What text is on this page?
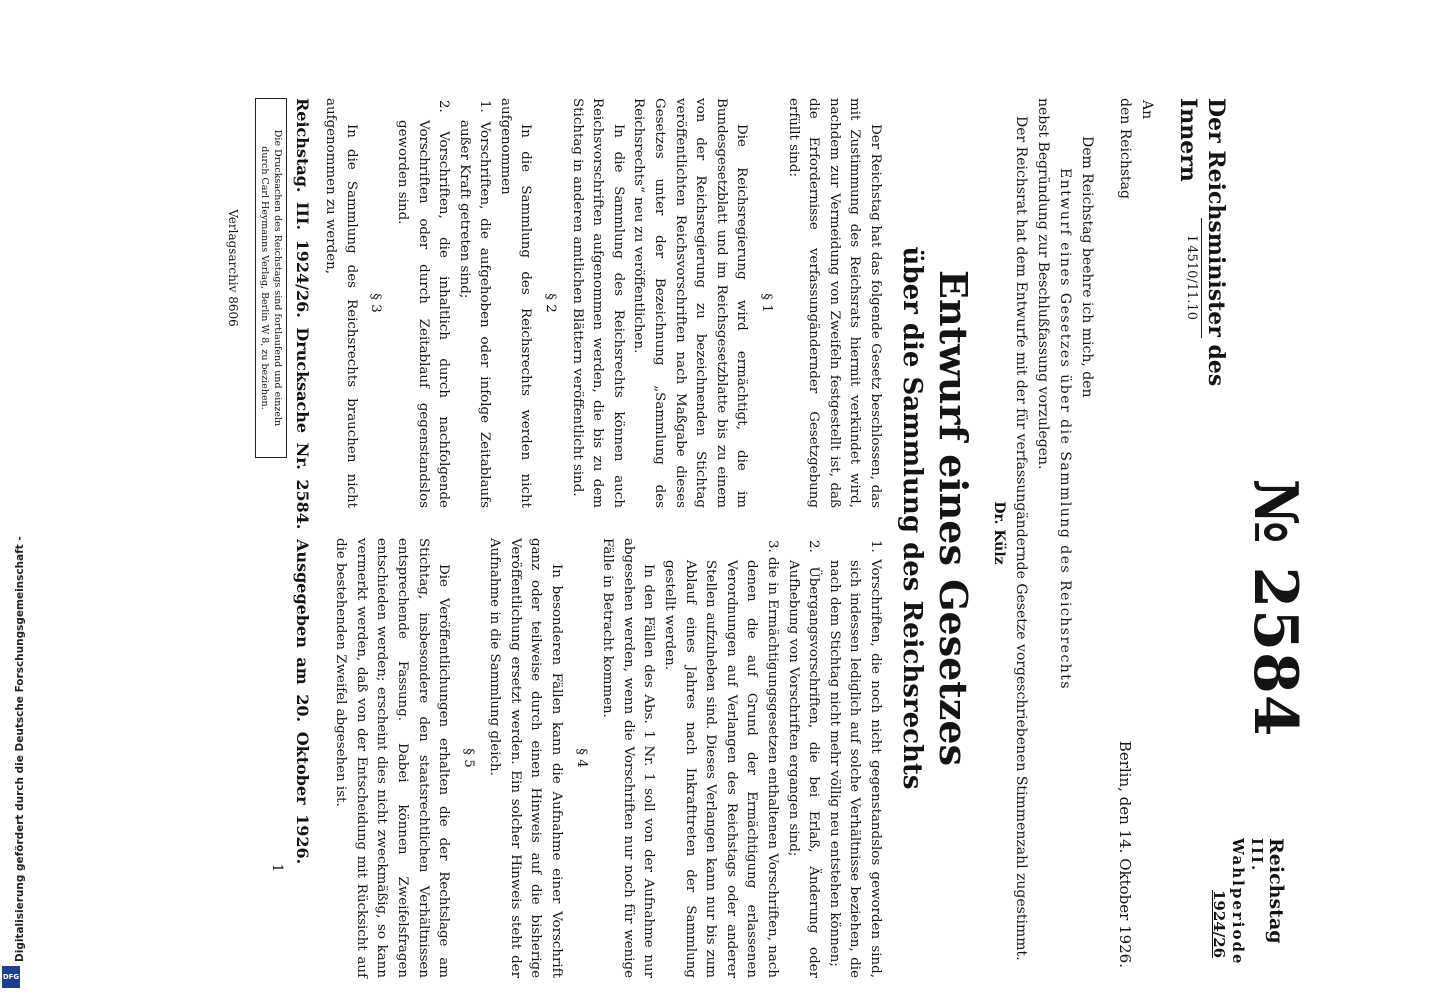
Digitalisierung gefördert durch die Deutsche Forschungsgemeinschaft -
DFG
№ 2584
Reichstag
III. Wahlperiode
1924/26
Der Reichsminister des Innern
I 4510/11.10
An
den Reichstag
Berlin, den 14. Oktober 1926.
Dem Reichstag beehre ich mich, den
Entwurf eines Gesetzes über die Sammlung des Reichsrechts
nebst Begründung zur Beschlußfassung vorzulegen.
Der Reichsrat hat dem Entwurfe mit der für verfassungändernde Gesetze vorgeschriebenen Stimmenzahl zugestimmt.
Dr. Külz
Entwurf eines Gesetzes
über die Sammlung des Reichsrechts

Der Reichstag hat das folgende Gesetz beschlossen, das mit Zustimmung des Reichsrats hiermit verkündet wird, nachdem zur Vermeidung von Zweifeln festgestellt ist, daß die Erfordernisse verfassungändernder Gesetzgebung erfüllt sind:

§ 1

Die Reichsregierung wird ermächtigt, die im Bundesgesetzblatt und im Reichsgesetzblatte bis zu einem von der Reichsregierung zu bezeichnenden Stichtag veröffentlichten Reichsvorschriften nach Maßgabe dieses Gesetzes unter der Bezeichnung „Sammlung des Reichsrechts“ neu zu veröffentlichen.

In die Sammlung des Reichsrechts können auch Reichsvorschriften aufgenommen werden, die bis zu dem Stichtag in anderen amtlichen Blättern veröffentlicht sind.

§ 2

In die Sammlung des Reichsrechts werden nicht aufgenommen

1. Vorschriften, die aufgehoben oder infolge Zeitablaufs außer Kraft getreten sind;

2. Vorschriften, die inhaltlich durch nachfolgende Vorschriften oder durch Zeitablauf gegenstandslos geworden sind.

§ 3

In die Sammlung des Reichsrechts brauchen nicht aufgenommen zu werden,

1. Vorschriften, die noch nicht gegenstandslos geworden sind, sich indessen lediglich auf solche Verhältnisse beziehen, die nach dem Stichtag nicht mehr völlig neu entstehen können;

2. Übergangsvorschriften, die bei Erlaß, Änderung oder Aufhebung von Vorschriften ergangen sind;

3. die in Ermächtigungsgesetzen enthaltenen Vorschriften, nach denen die auf Grund der Ermächtigung erlassenen Verordnungen auf Verlangen des Reichstags oder anderer Stellen aufzuheben sind. Dieses Verlangen kann nur bis zum Ablauf eines Jahres nach Inkrafttreten der Sammlung gestellt werden.

In den Fällen des Abs. 1 Nr. 1 soll von der Aufnahme nur abgesehen werden, wenn die Vorschriften nur noch für wenige Fälle in Betracht kommen.

§ 4

In besonderen Fällen kann die Aufnahme einer Vorschrift ganz oder teilweise durch einen Hinweis auf die bisherige Veröffentlichung ersetzt werden. Ein solcher Hinweis steht der Aufnahme in die Sammlung gleich.

§ 5

Die Veröffentlichungen erhalten die der Rechtslage am Stichtag, insbesondere den staatsrechtlichen Verhältnissen entsprechende Fassung. Dabei können Zweifelsfragen entschieden werden; erscheint dies nicht zweckmäßig, so kann vermerkt werden, daß von der Entscheidung mit Rücksicht auf die bestehenden Zweifel abgesehen ist.

Reichstag. III. 1924/26. Drucksache Nr. 2584. Ausgegeben am 20. Oktober 1926.
Die Drucksachen des Reichstags sind fortlaufend und einzeln
durch Carl Heymanns Verlag, Berlin W 8, zu beziehen.
Verlagsarchiv 8606
1
